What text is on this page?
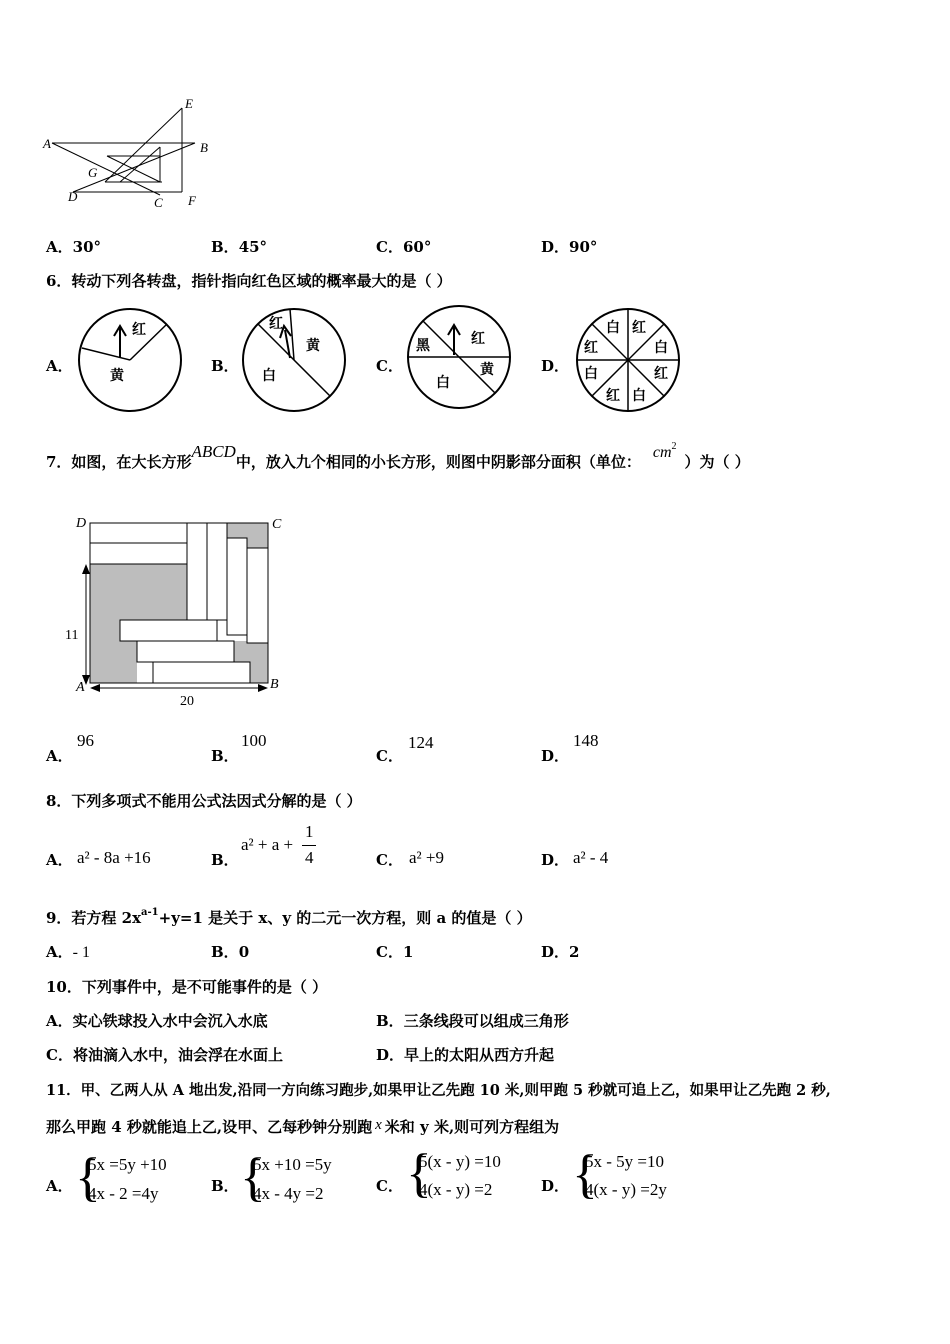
E
A	B
G
D	C F
A．30°	B．45°	C．60°	D．90°
6．转动下列各转盘，指针指向红色区域的概率最大的是（ ）
A．
红
黄
B．
红
黄
白
C．
黑	红
黄
白
D．
白 红
红	白
红
白
白
红
7．如图，在大长方形ABCD中，放入九个相同的小长方形，则图中阴影部分面积（单位：$cm^2$）为（ ）
D	C
A	B
11
20
A．
96
B．
100
C．
124
D．
148
8．下列多项式不能用公式法因式分解的是（ ）
A． a² - 8a +16	B．
a² + a +
1
4	C． a² +9	D． a² - 4
9．若方程 $2x^{a-1}+y=1$ 是关于 x、y 的二元一次方程，则 a 的值是（ ）
A．- 1	B．0	C．1	D．2
10．下列事件中，是不可能事件的是（ ）
A．实心铁球投入水中会沉入水底	B．三条线段可以组成三角形
C．将油滴入水中，油会浮在水面上	D．早上的太阳从西方升起
11．甲、乙两人从 A 地出发,沿同一方向练习跑步,如果甲让乙先跑 10 米,则甲跑 5 秒就可追上乙，如果甲让乙先跑 2 秒,
那么甲跑 4 秒就能追上乙,设甲、乙每秒钟分别跑 x 米和 y 米,则可列方程组为
A． {
5x =5y +10
4x - 2 =4y	B． {
5x +10 =5y
4x - 4y =2	C． {
5(x - y) =10
4(x - y) =2	D． {
5x - 5y =10
4(x - y) =2y
